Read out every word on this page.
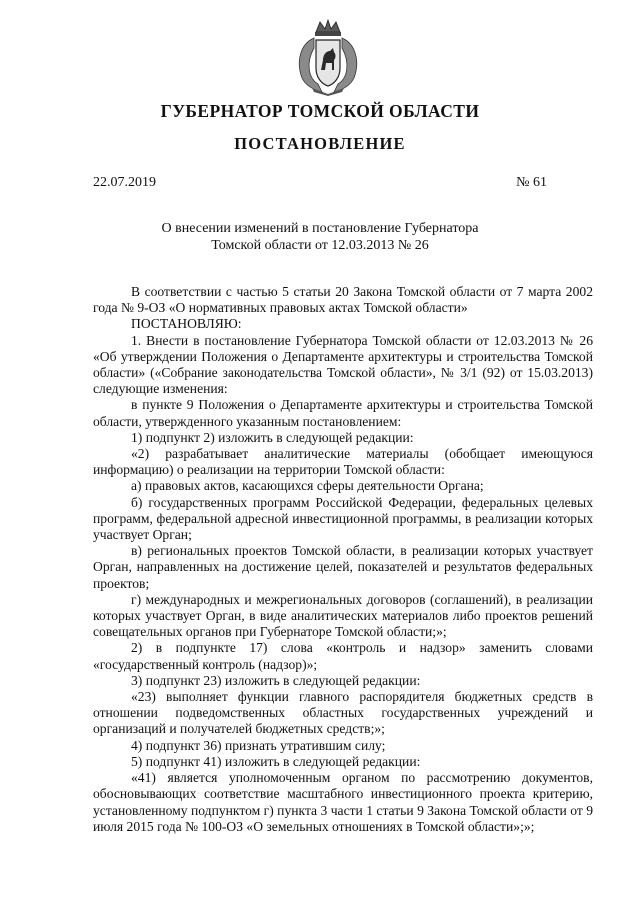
ГУБЕРНАТОР ТОМСКОЙ ОБЛАСТИ
ПОСТАНОВЛЕНИЕ
22.07.2019	№ 61
О внесении изменений в постановление Губернатора
Томской области от 12.03.2013 № 26

В соответствии с частью 5 статьи 20 Закона Томской области от 7 марта 2002 года № 9-ОЗ «О нормативных правовых актах Томской области»

ПОСТАНОВЛЯЮ:

1. Внести в постановление Губернатора Томской области от 12.03.2013 № 26 «Об утверждении Положения о Департаменте архитектуры и строительства Томской области» («Собрание законодательства Томской области», № 3/1 (92) от 15.03.2013) следующие изменения:

в пункте 9 Положения о Департаменте архитектуры и строительства Томской области, утвержденного указанным постановлением:

1) подпункт 2) изложить в следующей редакции:

«2) разрабатывает аналитические материалы (обобщает имеющуюся информацию) о реализации на территории Томской области:

а) правовых актов, касающихся сферы деятельности Органа;

б) государственных программ Российской Федерации, федеральных целевых программ, федеральной адресной инвестиционной программы, в реализации которых участвует Орган;

в) региональных проектов Томской области, в реализации которых участвует Орган, направленных на достижение целей, показателей и результатов федеральных проектов;

г) международных и межрегиональных договоров (соглашений), в реализации которых участвует Орган, в виде аналитических материалов либо проектов решений совещательных органов при Губернаторе Томской области;»;

2) в подпункте 17) слова «контроль и надзор» заменить словами «государственный контроль (надзор)»;

3) подпункт 23) изложить в следующей редакции:

«23) выполняет функции главного распорядителя бюджетных средств в отношении подведомственных областных государственных учреждений и организаций и получателей бюджетных средств;»;

4) подпункт 36) признать утратившим силу;

5) подпункт 41) изложить в следующей редакции:

«41) является уполномоченным органом по рассмотрению документов, обосновывающих соответствие масштабного инвестиционного проекта критерию, установленному подпунктом г) пункта 3 части 1 статьи 9 Закона Томской области от 9 июля 2015 года № 100-ОЗ «О земельных отношениях в Томской области»;»;
